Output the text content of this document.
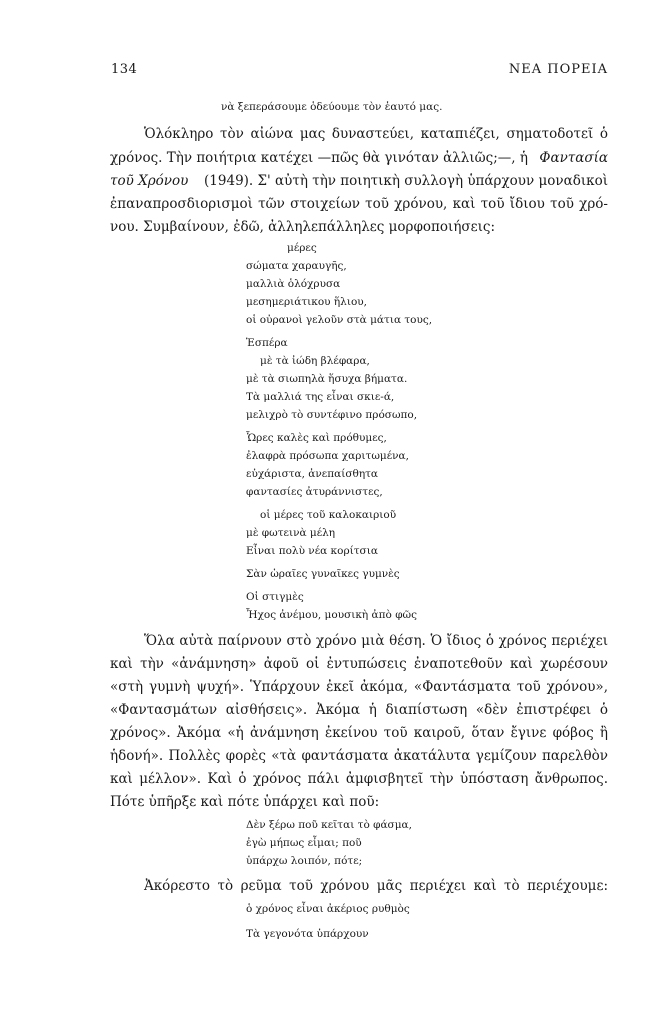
134	ΝΕΑ ΠΟΡΕΙΑ
νὰ ξεπεράσουμε ὁδεύουμε τὸν ἑαυτό μας.
Ὁλόκληρο τὸν αἰώνα μας δυναστεύει, καταπιέζει, σηματοδοτεῖ ὁ
χρόνος. Τὴν ποιήτρια κατέχει —πῶς θὰ γινόταν ἀλλιῶς;—, ἡ Φαντασία
τοῦ Χρόνου (1949). Σ' αὐτὴ τὴν ποιητικὴ συλλογὴ ὑπάρχουν μοναδικοὶ
ἐπαναπροσδιορισμοὶ τῶν στοιχείων τοῦ χρόνου, καὶ τοῦ ἴδιου τοῦ χρό-
νου. Συμβαίνουν, ἐδῶ, ἀλληλεπάλληλες μορφοποιήσεις:
μέρες
σώματα χαραυγῆς,
μαλλιὰ ὁλόχρυσα
μεσημεριάτικου ἥλιου,
οἱ οὐρανοὶ γελοῦν στὰ μάτια τους,
Ἑσπέρα
μὲ τὰ ἰώδη βλέφαρα,
μὲ τὰ σιωπηλὰ ἥσυχα βήματα.
Τὰ μαλλιά της εἶναι σκιε-ά,
μελιχρὸ τὸ συντέφινο πρόσωπο,
Ὧρες καλὲς καὶ πρόθυμες,
ἐλαφρὰ πρόσωπα χαριτωμένα,
εὐχάριστα, ἀνεπαίσθητα
φαντασίες ἀτυράννιστες,
οἱ μέρες τοῦ καλοκαιριοῦ
μὲ φωτεινὰ μέλη
Εἶναι πολὺ νέα κορίτσια
Σὰν ὡραῖες γυναῖκες γυμνὲς
Οἱ στιγμὲς
Ἦχος ἀνέμου, μουσικὴ ἀπὸ φῶς
Ὅλα αὐτὰ παίρνουν στὸ χρόνο μιὰ θέση. Ὁ ἴδιος ὁ χρόνος περιέχει
καὶ τὴν «ἀνάμνηση» ἀφοῦ οἱ ἐντυπώσεις ἐναποτεθοῦν καὶ χωρέσουν
«στὴ γυμνὴ ψυχή». Ὑπάρχουν ἐκεῖ ἀκόμα, «Φαντάσματα τοῦ χρόνου»,
«Φαντασμάτων αἰσθήσεις». Ἀκόμα ἡ διαπίστωση «δὲν ἐπιστρέφει ὁ
χρόνος». Ἀκόμα «ἡ ἀνάμνηση ἐκείνου τοῦ καιροῦ, ὅταν ἔγινε φόβος ἢ
ἡδονή». Πολλὲς φορὲς «τὰ φαντάσματα ἀκατάλυτα γεμίζουν παρελθὸν
καὶ μέλλον». Καὶ ὁ χρόνος πάλι ἀμφισβητεῖ τὴν ὑπόσταση ἄνθρωπος.
Πότε ὑπῆρξε καὶ πότε ὑπάρχει καὶ ποῦ:
Δὲν ξέρω ποῦ κεῖται τὸ φάσμα,
ἐγὼ μήπως εἶμαι; ποῦ
ὑπάρχω λοιπόν, πότε;
Ἀκόρεστο τὸ ρεῦμα τοῦ χρόνου μᾶς περιέχει καὶ τὸ περιέχουμε:
ὁ χρόνος εἶναι ἀκέριος ρυθμὸς
Τὰ γεγονότα ὑπάρχουν
